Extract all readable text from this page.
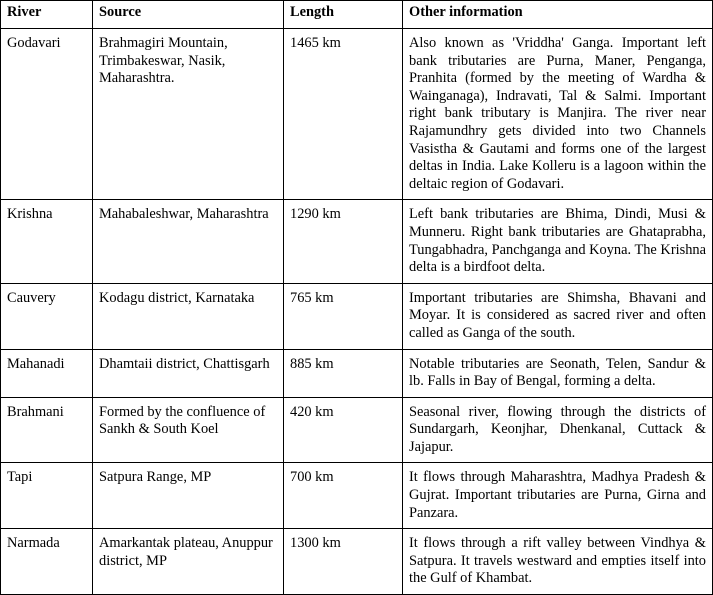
River	Source	Length	Other information
Godavari	Brahmagiri Mountain, Trimbakeswar, Nasik, Maharashtra.	1465 km	Also known as 'Vriddha' Ganga. Important left bank tributaries are Purna, Maner, Penganga, Pranhita (formed by the meeting of Wardha & Wainganaga), Indravati, Tal & Salmi. Important right bank tributary is Manjira. The river near Rajamundhry gets divided into two Channels Vasistha & Gautami and forms one of the largest deltas in India. Lake Kolleru is a lagoon within the deltaic region of Godavari.
Krishna	Mahabaleshwar, Maharashtra	1290 km	Left bank tributaries are Bhima, Dindi, Musi & Munneru. Right bank tributaries are Ghataprabha, Tungabhadra, Panchganga and Koyna. The Krishna delta is a birdfoot delta.
Cauvery	Kodagu district, Karnataka	765 km	Important tributaries are Shimsha, Bhavani and Moyar. It is considered as sacred river and often called as Ganga of the south.
Mahanadi	Dhamtaii district, Chattisgarh	885 km	Notable tributaries are Seonath, Telen, Sandur & lb. Falls in Bay of Bengal, forming a delta.
Brahmani	Formed by the confluence of Sankh & South Koel	420 km	Seasonal river, flowing through the districts of Sundargarh, Keonjhar, Dhenkanal, Cuttack & Jajapur.
Tapi	Satpura Range, MP	700 km	It flows through Maharashtra, Madhya Pradesh & Gujrat. Important tributaries are Purna, Girna and Panzara.
Narmada	Amarkantak plateau, Anuppur district, MP	1300 km	It flows through a rift valley between Vindhya & Satpura. It travels westward and empties itself into the Gulf of Khambat.
